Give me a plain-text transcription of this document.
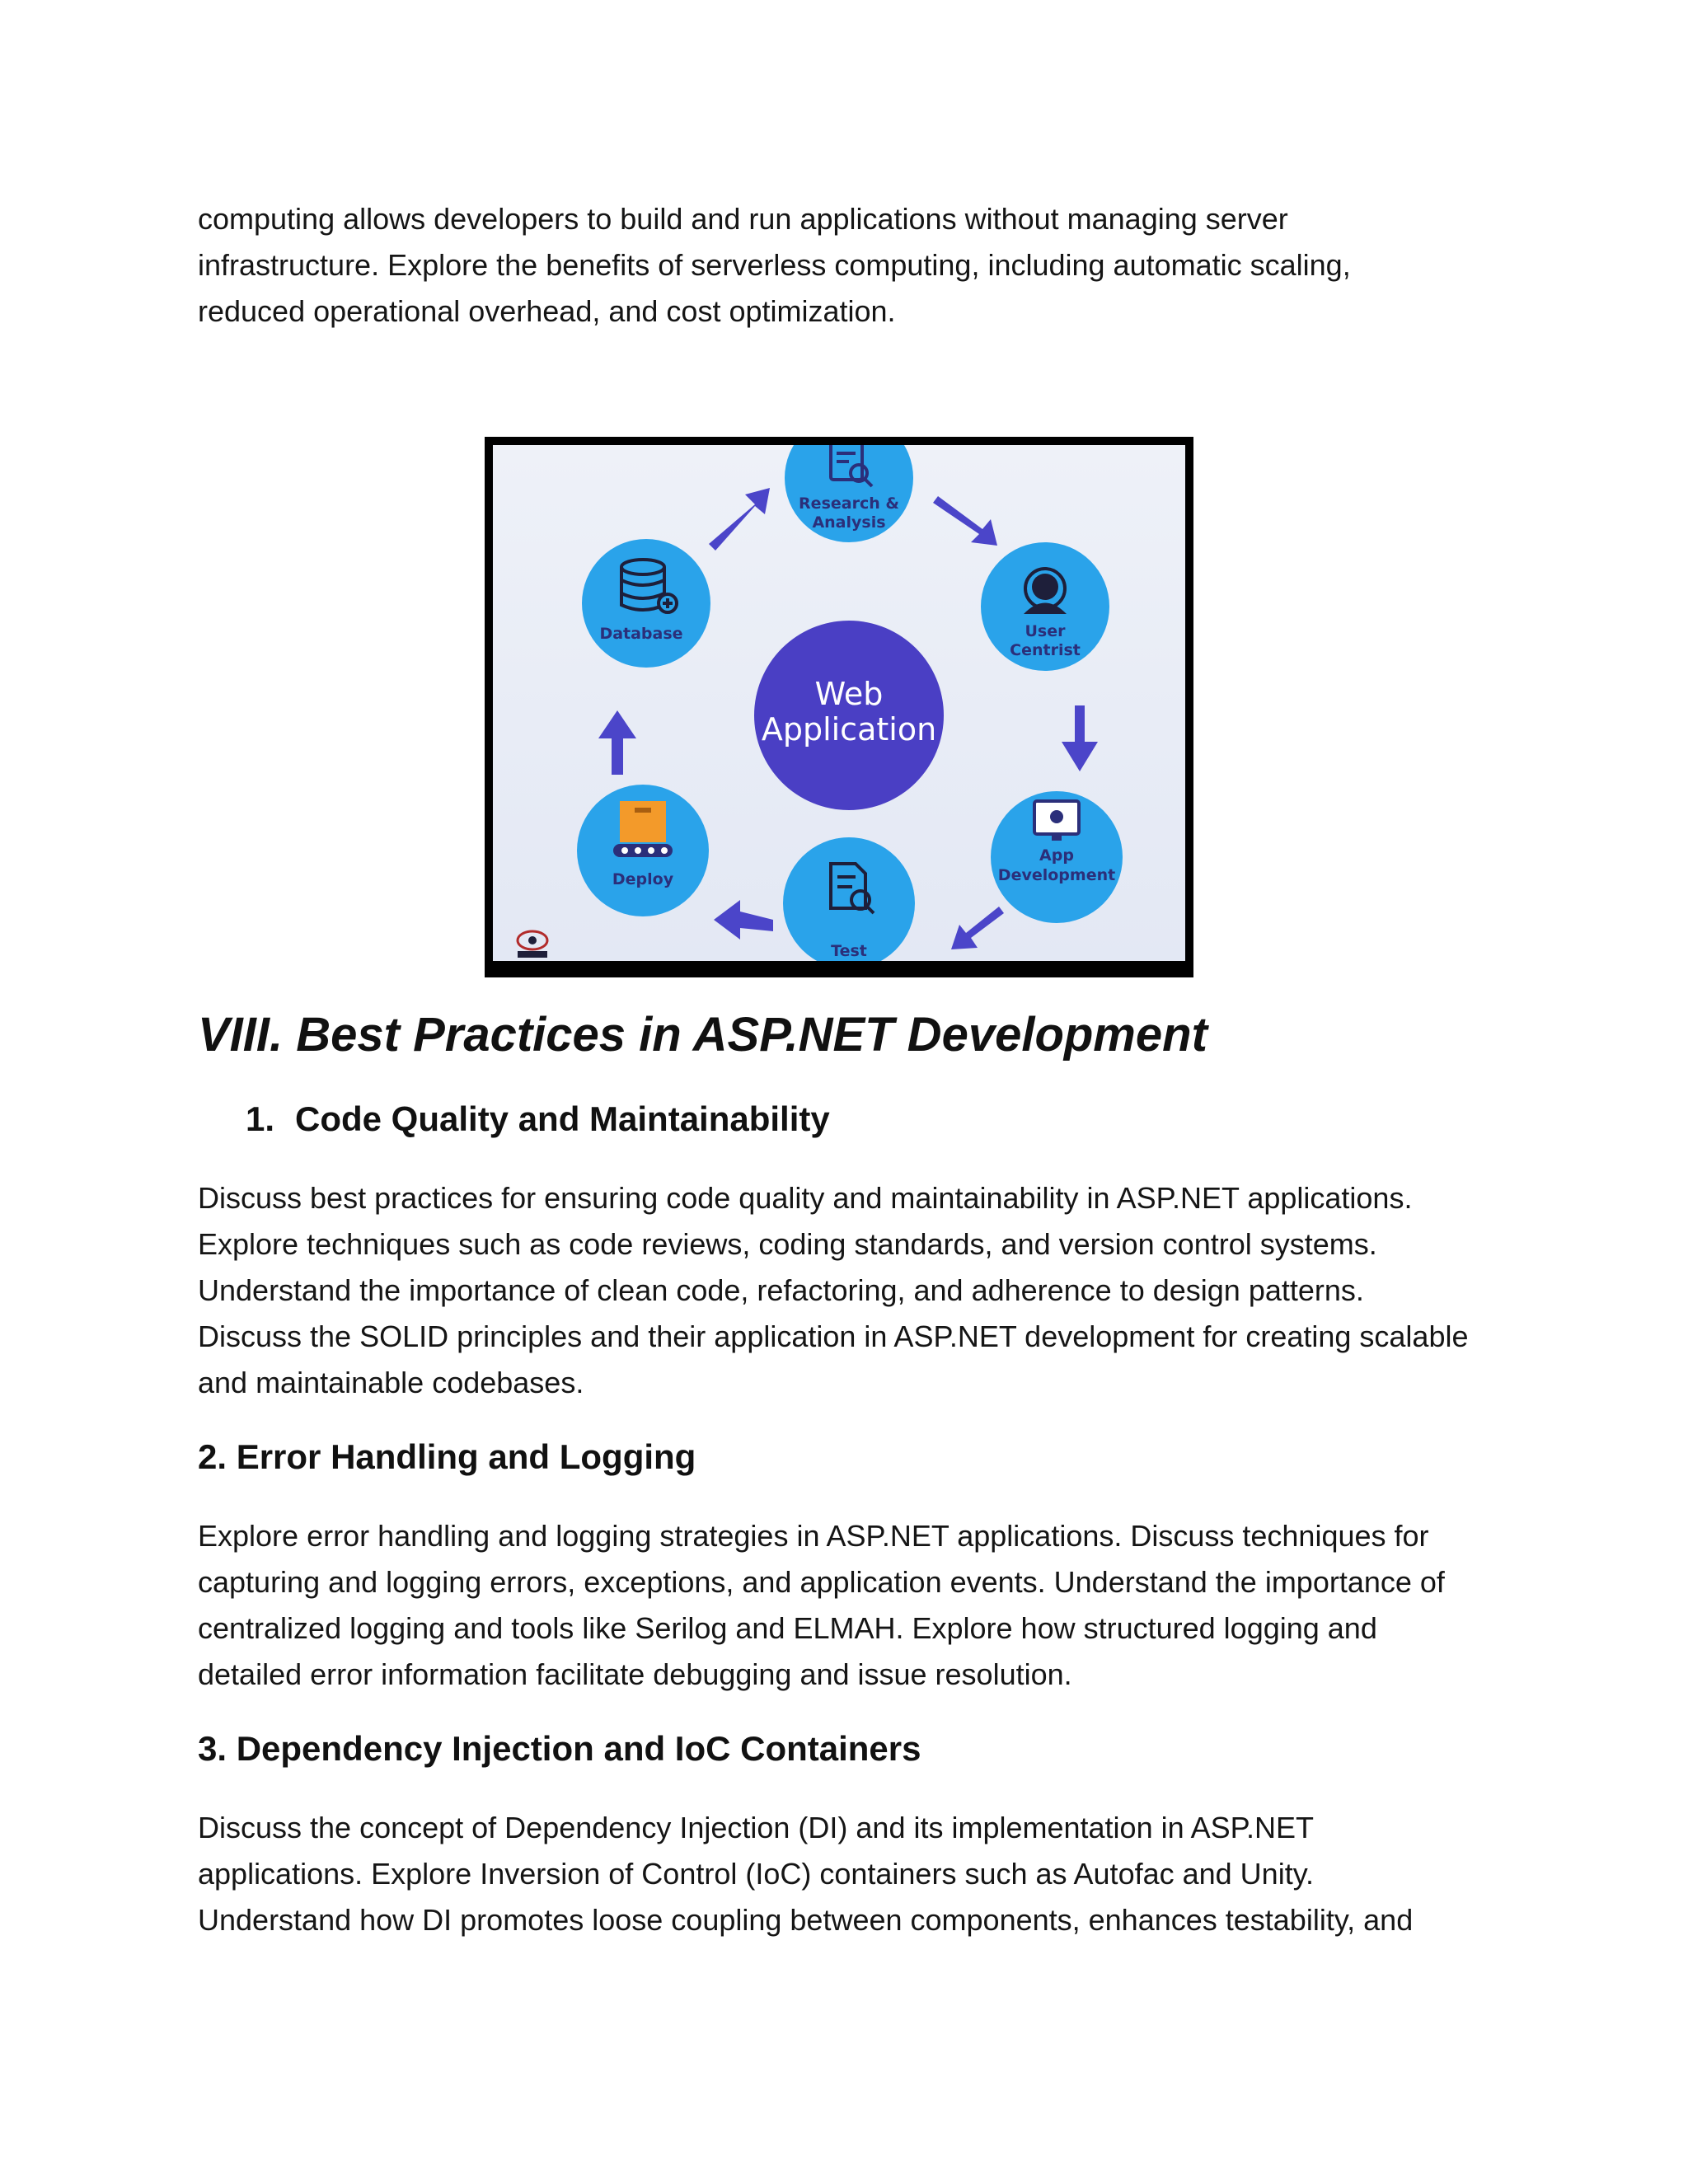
computing allows developers to build and run applications without managing server
infrastructure. Explore the benefits of serverless computing, including automatic scaling,
reduced operational overhead, and cost optimization.
Web
Application
Research &
Analysis
User
Centrist
App
Development
Test
Deploy
Database
VIII. Best Practices in ASP.NET Development
1. Code Quality and Maintainability
Discuss best practices for ensuring code quality and maintainability in ASP.NET applications.
Explore techniques such as code reviews, coding standards, and version control systems.
Understand the importance of clean code, refactoring, and adherence to design patterns.
Discuss the SOLID principles and their application in ASP.NET development for creating scalable
and maintainable codebases.
2. Error Handling and Logging
Explore error handling and logging strategies in ASP.NET applications. Discuss techniques for
capturing and logging errors, exceptions, and application events. Understand the importance of
centralized logging and tools like Serilog and ELMAH. Explore how structured logging and
detailed error information facilitate debugging and issue resolution.
3. Dependency Injection and IoC Containers
Discuss the concept of Dependency Injection (DI) and its implementation in ASP.NET
applications. Explore Inversion of Control (IoC) containers such as Autofac and Unity.
Understand how DI promotes loose coupling between components, enhances testability, and
